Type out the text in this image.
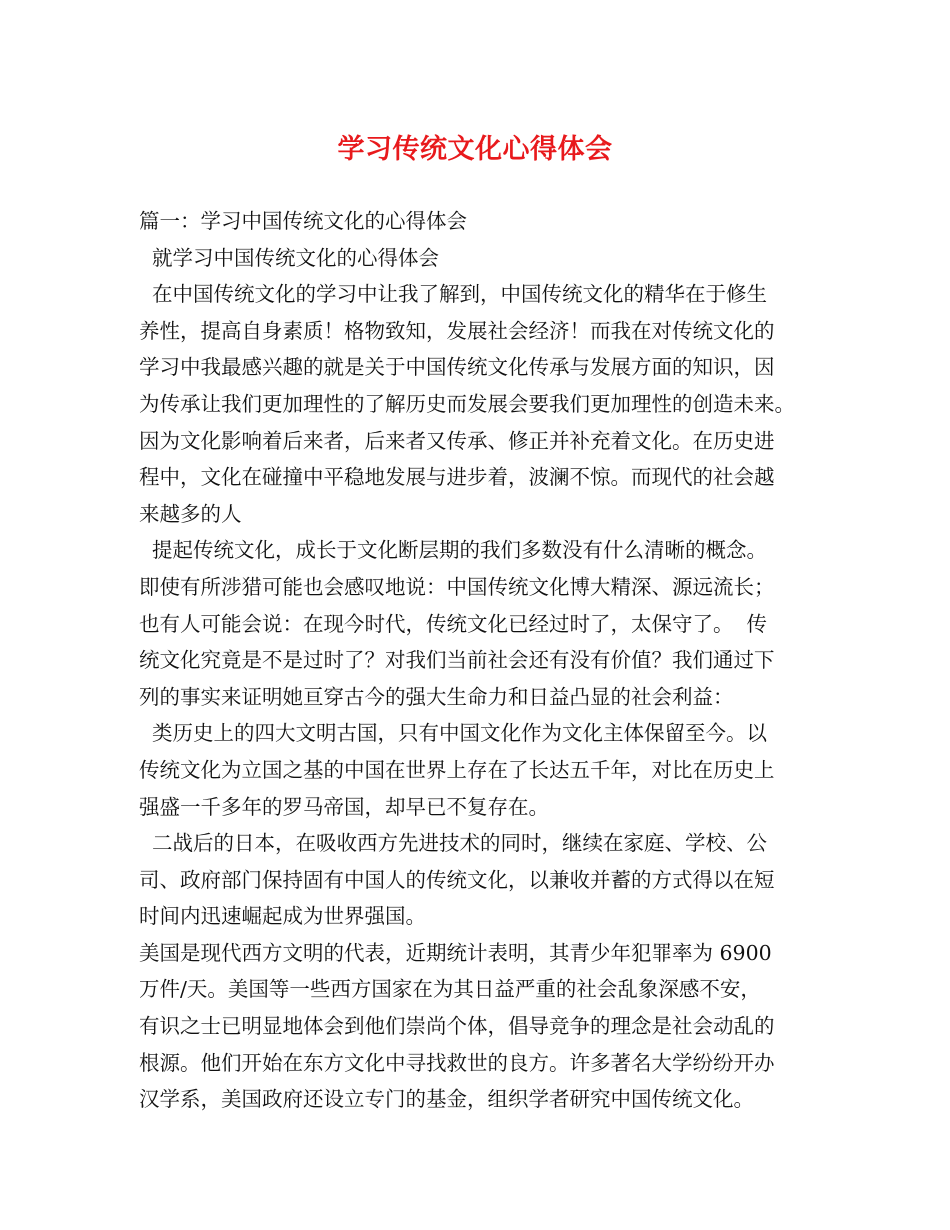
学习传统文化心得体会
篇一：学习中国传统文化的心得体会
就学习中国传统文化的心得体会
在中国传统文化的学习中让我了解到，中国传统文化的精华在于修生
养性，提高自身素质！格物致知，发展社会经济！而我在对传统文化的
学习中我最感兴趣的就是关于中国传统文化传承与发展方面的知识，因
为传承让我们更加理性的了解历史而发展会要我们更加理性的创造未来。
因为文化影响着后来者，后来者又传承、修正并补充着文化。在历史进
程中，文化在碰撞中平稳地发展与进步着，波澜不惊。而现代的社会越
来越多的人
提起传统文化，成长于文化断层期的我们多数没有什么清晰的概念。
即使有所涉猎可能也会感叹地说：中国传统文化博大精深、源远流长；
也有人可能会说：在现今时代，传统文化已经过时了，太保守了。  传
统文化究竟是不是过时了？对我们当前社会还有没有价值？我们通过下
列的事实来证明她亘穿古今的强大生命力和日益凸显的社会利益：
类历史上的四大文明古国，只有中国文化作为文化主体保留至今。以
传统文化为立国之基的中国在世界上存在了长达五千年，对比在历史上
强盛一千多年的罗马帝国，却早已不复存在。
二战后的日本，在吸收西方先进技术的同时，继续在家庭、学校、公
司、政府部门保持固有中国人的传统文化，以兼收并蓄的方式得以在短
时间内迅速崛起成为世界强国。
美国是现代西方文明的代表，近期统计表明，其青少年犯罪率为 6900
万件/天。美国等一些西方国家在为其日益严重的社会乱象深感不安，
有识之士已明显地体会到他们崇尚个体，倡导竞争的理念是社会动乱的
根源。他们开始在东方文化中寻找救世的良方。许多著名大学纷纷开办
汉学系，美国政府还设立专门的基金，组织学者研究中国传统文化。
